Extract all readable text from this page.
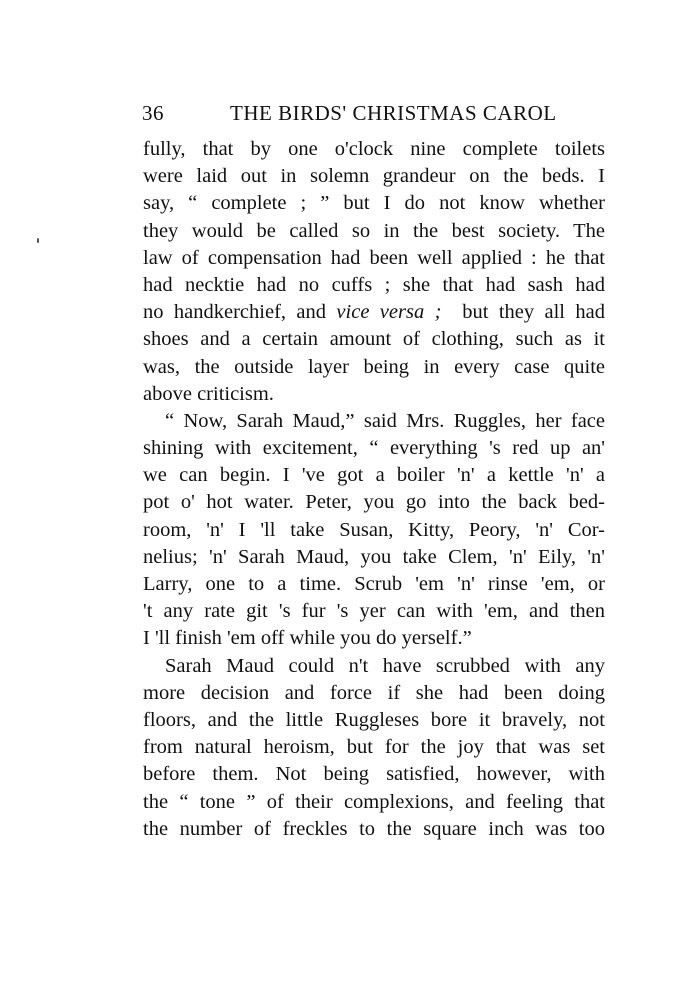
36	THE BIRDS' CHRISTMAS CAROL
fully, that by one o'clock nine complete toilets
were laid out in solemn grandeur on the beds. I
say, “ complete ; ” but I do not know whether
they would be called so in the best society. The
law of compensation had been well applied : he that
had necktie had no cuffs ; she that had sash had
no handkerchief, and vice versa ; but they all had
shoes and a certain amount of clothing, such as it
was, the outside layer being in every case quite
above criticism.
“ Now, Sarah Maud,” said Mrs. Ruggles, her face
shining with excitement, “ everything 's red up an'
we can begin. I 've got a boiler 'n' a kettle 'n' a
pot o' hot water. Peter, you go into the back bed-
room, 'n' I 'll take Susan, Kitty, Peory, 'n' Cor-
nelius; 'n' Sarah Maud, you take Clem, 'n' Eily, 'n'
Larry, one to a time. Scrub 'em 'n' rinse 'em, or
't any rate git 's fur 's yer can with 'em, and then
I 'll finish 'em off while you do yerself.”
Sarah Maud could n't have scrubbed with any
more decision and force if she had been doing
floors, and the little Ruggleses bore it bravely, not
from natural heroism, but for the joy that was set
before them. Not being satisfied, however, with
the “ tone ” of their complexions, and feeling that
the number of freckles to the square inch was too
